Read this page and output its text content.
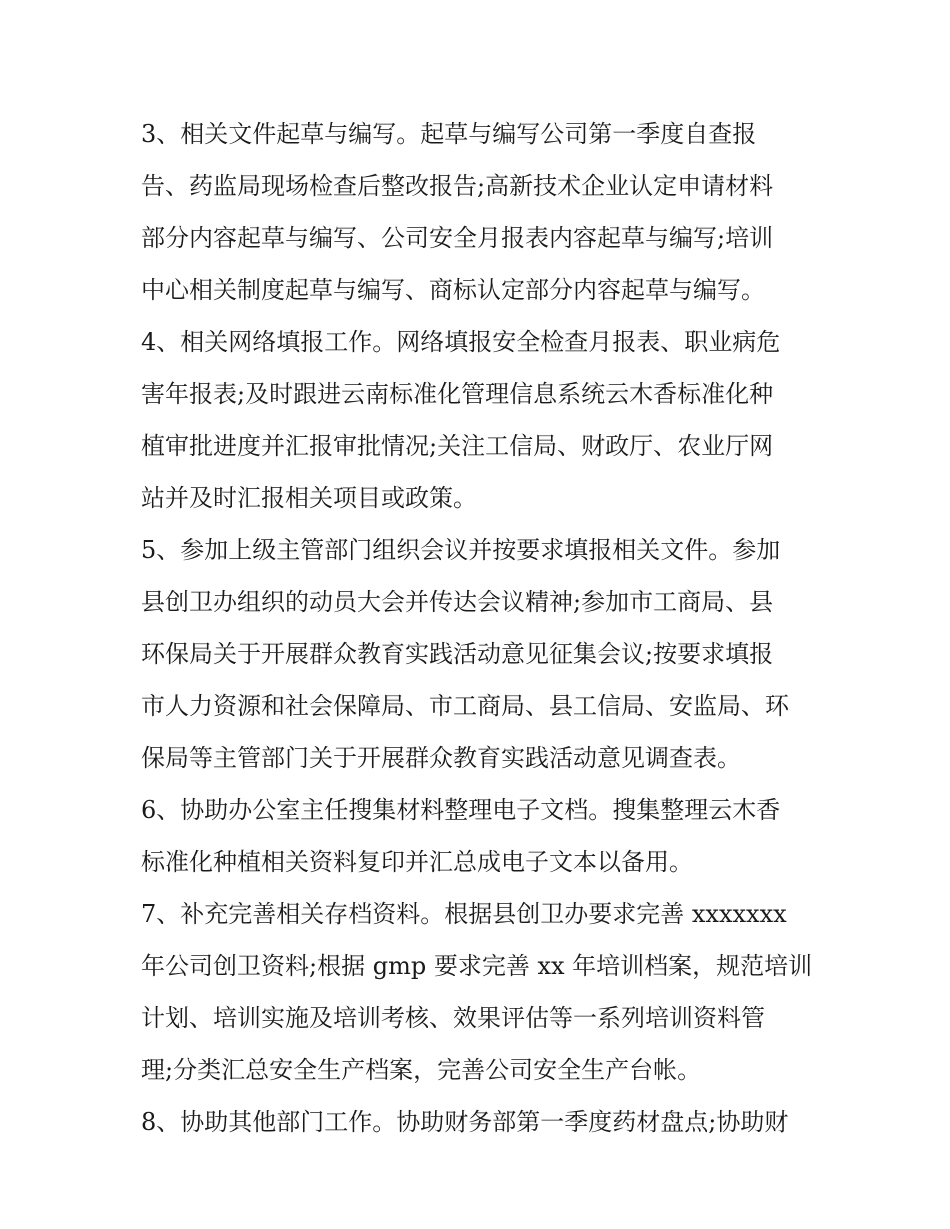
3、相关文件起草与编写。起草与编写公司第一季度自查报
告、药监局现场检查后整改报告;高新技术企业认定申请材料
部分内容起草与编写、公司安全月报表内容起草与编写;培训
中心相关制度起草与编写、商标认定部分内容起草与编写。
4、相关网络填报工作。网络填报安全检查月报表、职业病危
害年报表;及时跟进云南标准化管理信息系统云木香标准化种
植审批进度并汇报审批情况;关注工信局、财政厅、农业厅网
站并及时汇报相关项目或政策。
5、参加上级主管部门组织会议并按要求填报相关文件。参加
县创卫办组织的动员大会并传达会议精神;参加市工商局、县
环保局关于开展群众教育实践活动意见征集会议;按要求填报
市人力资源和社会保障局、市工商局、县工信局、安监局、环
保局等主管部门关于开展群众教育实践活动意见调查表。
6、协助办公室主任搜集材料整理电子文档。搜集整理云木香
标准化种植相关资料复印并汇总成电子文本以备用。
7、补充完善相关存档资料。根据县创卫办要求完善 xxxxxxx
年公司创卫资料;根据 gmp 要求完善 xx 年培训档案，规范培训
计划、培训实施及培训考核、效果评估等一系列培训资料管
理;分类汇总安全生产档案，完善公司安全生产台帐。
8、协助其他部门工作。协助财务部第一季度药材盘点;协助财
